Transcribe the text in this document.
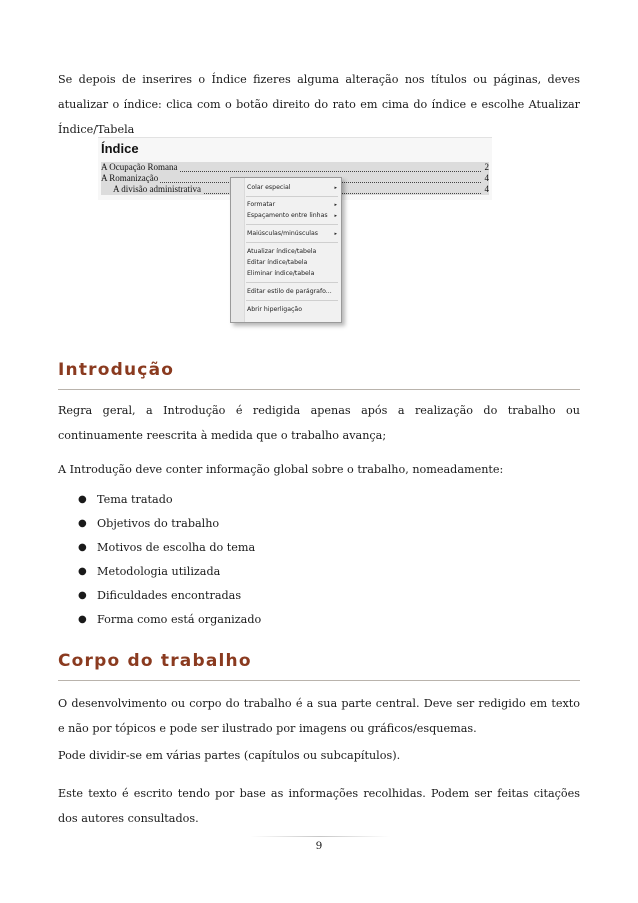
Se depois de inserires o Índice fizeres alguma alteração nos títulos ou páginas, deves atualizar o índice: clica com o botão direito do rato em cima do índice e escolhe Atualizar Índice/Tabela

Índice
A Ocupação Romana	2
A Romanização	4
A divisão administrativa	4
Colar especial	▸
Formatar	▸
Espaçamento entre linhas ▸
Maiúsculas/minúsculas	▸
Atualizar índice/tabela
Editar índice/tabela
Eliminar índice/tabela
Editar estilo de parágrafo...
Abrir hiperligação
Introdução

Regra geral, a Introdução é redigida apenas após a realização do trabalho ou continuamente reescrita à medida que o trabalho avança;

A Introdução deve conter informação global sobre o trabalho, nomeadamente:

● Tema tratado
● Objetivos do trabalho
● Motivos de escolha do tema
● Metodologia utilizada
● Dificuldades encontradas
● Forma como está organizado
Corpo do trabalho

O desenvolvimento ou corpo do trabalho é a sua parte central. Deve ser redigido em texto e não por tópicos e pode ser ilustrado por imagens ou gráficos/esquemas.

Pode dividir-se em várias partes (capítulos ou subcapítulos).

Este texto é escrito tendo por base as informações recolhidas. Podem ser feitas citações dos autores consultados.

9
